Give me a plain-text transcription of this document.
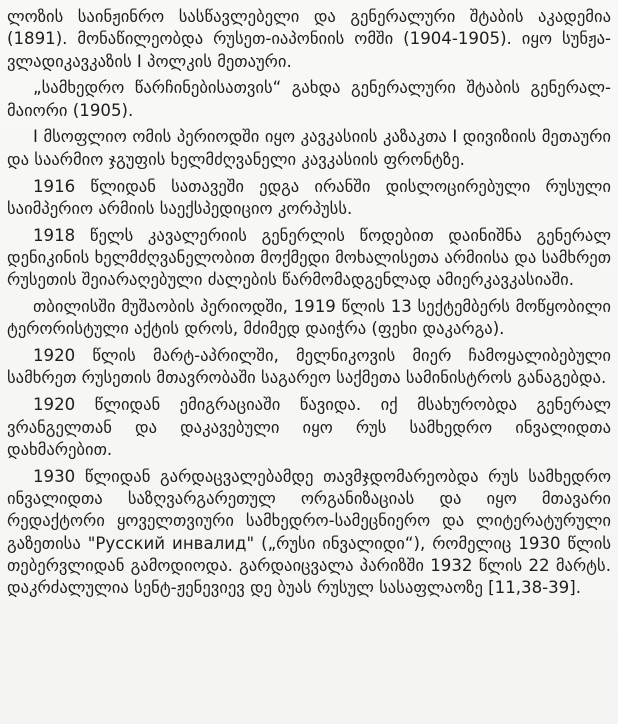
ლოზის საინჟინრო სასწავლებელი და გენერალური შტაბის აკადემია (1891). მონაწილეობდა რუსეთ-იაპონიის ომში (1904-1905). იყო სუნჟა-ვლადიკავკაზის I პოლკის მეთაური.

„სამხედრო წარჩინებისათვის“ გახდა გენერალური შტაბის გენერალ-მაიორი (1905).

I მსოფლიო ომის პერიოდში იყო კავკასიის კაზაკთა I დივიზიის მეთაური და საარმიო ჯგუფის ხელმძღვანელი კავკასიის ფრონტზე.

1916 წლიდან სათავეში ედგა ირანში დისლოცირებული რუსული საიმპერიო არმიის საექსპედიციო კორპუსს.

1918 წელს კავალერიის გენერლის წოდებით დაინიშნა გენერალ დენიკინის ხელმძღვანელობით მოქმედი მოხალისეთა არმიისა და სამხრეთ რუსეთის შეიარაღებული ძალების წარმომადგენლად ამიერკავკასიაში.

თბილისში მუშაობის პერიოდში, 1919 წლის 13 სექტემბერს მოწყობილი ტერორისტული აქტის დროს, მძიმედ დაიჭრა (ფეხი დაკარგა).

1920 წლის მარტ-აპრილში, მელნიკოვის მიერ ჩამოყალიბებული სამხრეთ რუსეთის მთავრობაში საგარეო საქმეთა სამინისტროს განაგებდა.

1920 წლიდან ემიგრაციაში წავიდა. იქ მსახურობდა გენერალ ვრანგელთან და დაკავებული იყო რუს სამხედრო ინვალიდთა დახმარებით.

1930 წლიდან გარდაცვალებამდე თავმჯდომარეობდა რუს სამხედრო ინვალიდთა საზღვარგარეთულ ორგანიზაციას და იყო მთავარი რედაქტორი ყოველთვიური სამხედრო-სამეცნიერო და ლიტერატურული გაზეთისა "Русский инвалид" („რუსი ინვალიდი“), რომელიც 1930 წლის თებერვლიდან გამოდიოდა. გარდაიცვალა პარიზში 1932 წლის 22 მარტს. დაკრძალულია სენტ-ჟენევიევ დე ბუას რუსულ სასაფლაოზე [11,38-39].
